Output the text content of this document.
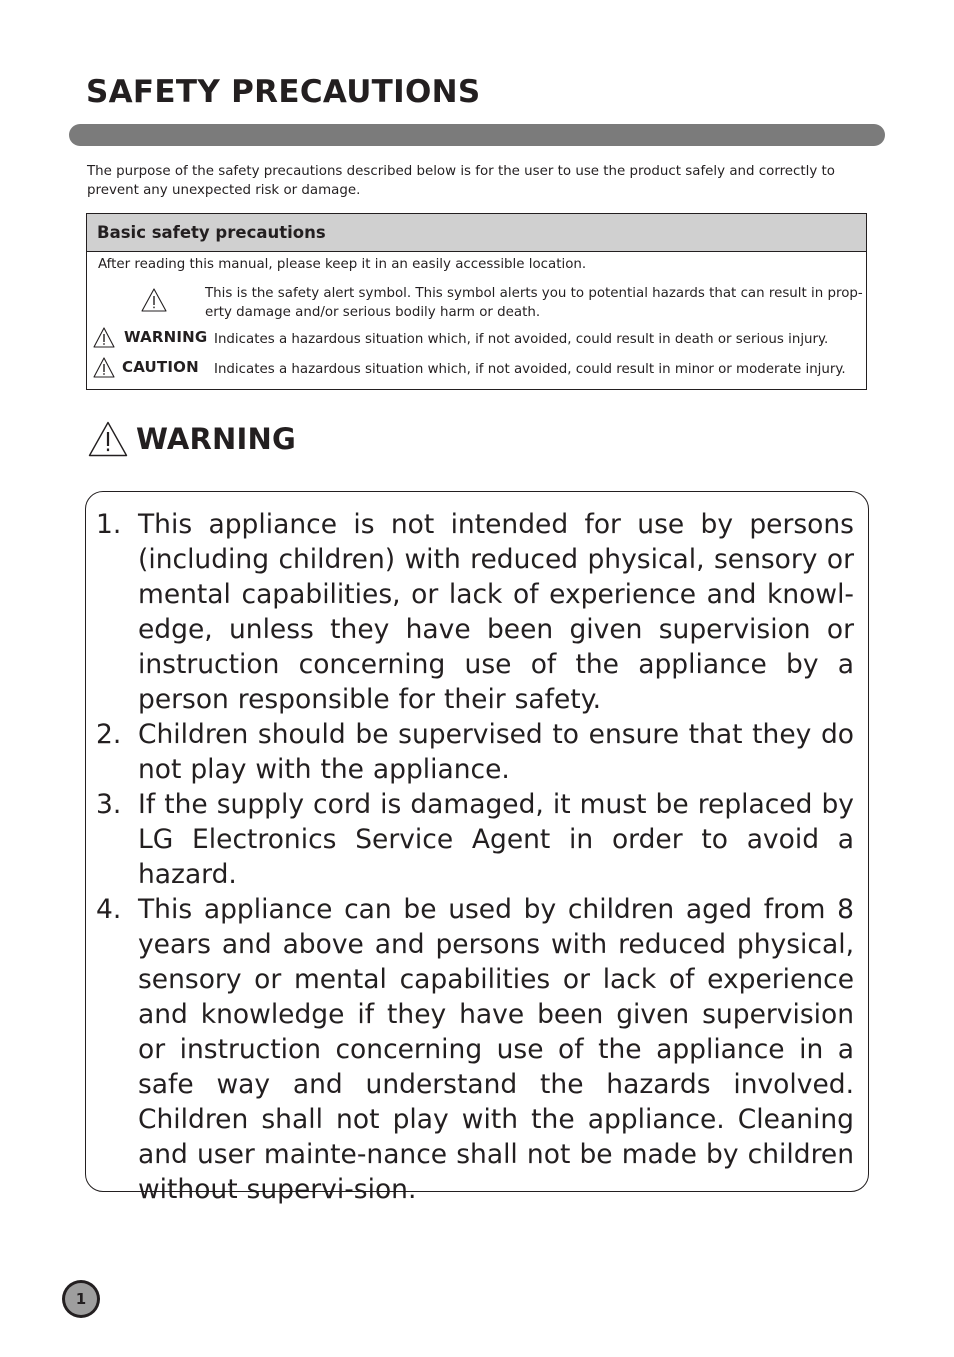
SAFETY PRECAUTIONS

The purpose of the safety precautions described below is for the user to use the product safely and correctly to prevent any unexpected risk or damage.

Basic safety precautions
After reading this manual, please keep it in an easily accessible location.
This is the safety alert symbol. This symbol alerts you to potential hazards that can result in prop-erty damage and/or serious bodily harm or death.
WARNING Indicates a hazardous situation which, if not avoided, could result in death or serious injury.
CAUTION Indicates a hazardous situation which, if not avoided, could result in minor or moderate injury.
WARNING
1. This appliance is not intended for use by persons (including children) with reduced physical, sensory or mental capabilities, or lack of experience and knowl-edge, unless they have been given supervision or instruction concerning use of the appliance by a person responsible for their safety.
2. Children should be supervised to ensure that they do not play with the appliance.
3. If the supply cord is damaged, it must be replaced by LG Electronics Service Agent in order to avoid a hazard.
4. This appliance can be used by children aged from 8 years and above and persons with reduced physical, sensory or mental capabilities or lack of experience and knowledge if they have been given supervision or instruction concerning use of the appliance in a safe way and understand the hazards involved. Children shall not play with the appliance. Cleaning and user mainte-nance shall not be made by children without supervi-sion.
1
